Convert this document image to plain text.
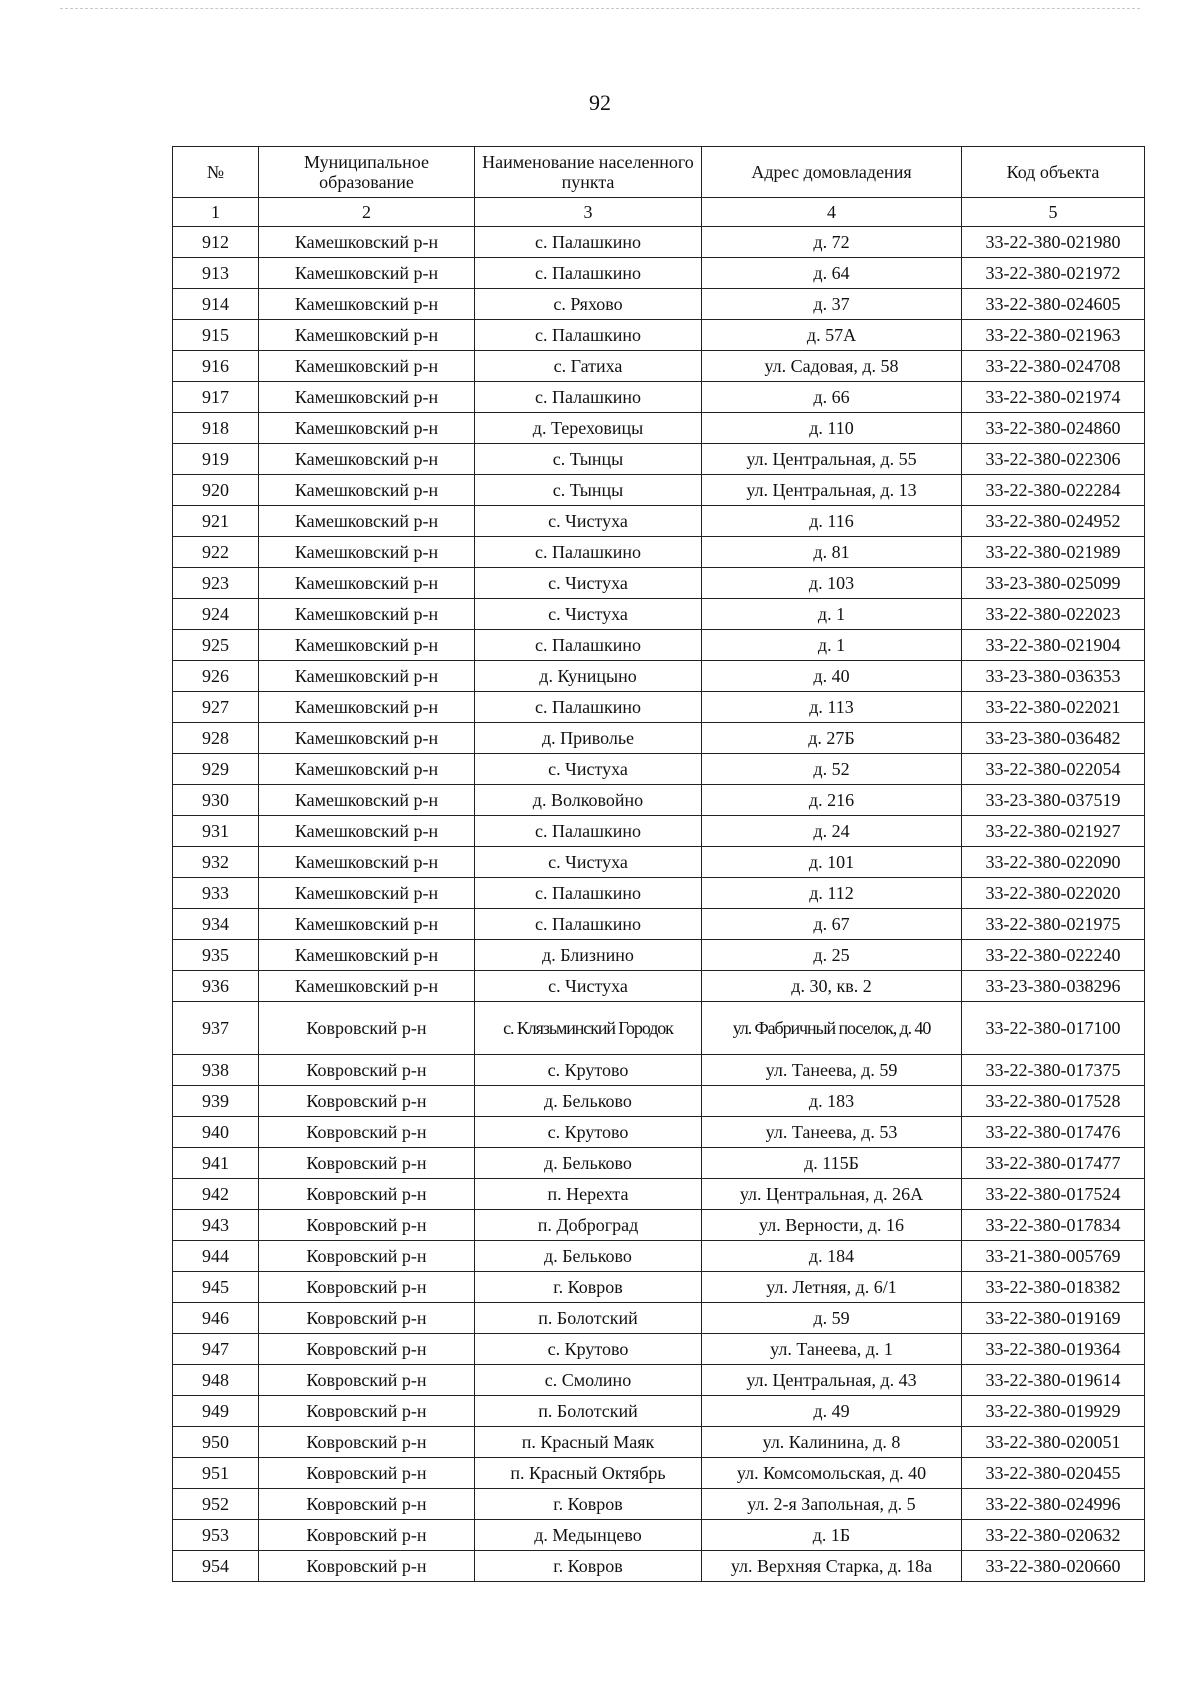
92
№	Муниципальное образование	Наименование населенного пункта	Адрес домовладения	Код объекта
1	2	3	4	5
912	Камешковский р-н	с. Палашкино	д. 72	33-22-380-021980
913	Камешковский р-н	с. Палашкино	д. 64	33-22-380-021972
914	Камешковский р-н	с. Ряхово	д. 37	33-22-380-024605
915	Камешковский р-н	с. Палашкино	д. 57А	33-22-380-021963
916	Камешковский р-н	с. Гатиха	ул. Садовая, д. 58	33-22-380-024708
917	Камешковский р-н	с. Палашкино	д. 66	33-22-380-021974
918	Камешковский р-н	д. Тереховицы	д. 110	33-22-380-024860
919	Камешковский р-н	с. Тынцы	ул. Центральная, д. 55	33-22-380-022306
920	Камешковский р-н	с. Тынцы	ул. Центральная, д. 13	33-22-380-022284
921	Камешковский р-н	с. Чистуха	д. 116	33-22-380-024952
922	Камешковский р-н	с. Палашкино	д. 81	33-22-380-021989
923	Камешковский р-н	с. Чистуха	д. 103	33-23-380-025099
924	Камешковский р-н	с. Чистуха	д. 1	33-22-380-022023
925	Камешковский р-н	с. Палашкино	д. 1	33-22-380-021904
926	Камешковский р-н	д. Куницыно	д. 40	33-23-380-036353
927	Камешковский р-н	с. Палашкино	д. 113	33-22-380-022021
928	Камешковский р-н	д. Приволье	д. 27Б	33-23-380-036482
929	Камешковский р-н	с. Чистуха	д. 52	33-22-380-022054
930	Камешковский р-н	д. Волковойно	д. 216	33-23-380-037519
931	Камешковский р-н	с. Палашкино	д. 24	33-22-380-021927
932	Камешковский р-н	с. Чистуха	д. 101	33-22-380-022090
933	Камешковский р-н	с. Палашкино	д. 112	33-22-380-022020
934	Камешковский р-н	с. Палашкино	д. 67	33-22-380-021975
935	Камешковский р-н	д. Близнино	д. 25	33-22-380-022240
936	Камешковский р-н	с. Чистуха	д. 30, кв. 2	33-23-380-038296
937	Ковровский р-н	с. Клязьминский Городок	ул. Фабричный поселок, д. 40	33-22-380-017100
938	Ковровский р-н	с. Крутово	ул. Танеева, д. 59	33-22-380-017375
939	Ковровский р-н	д. Бельково	д. 183	33-22-380-017528
940	Ковровский р-н	с. Крутово	ул. Танеева, д. 53	33-22-380-017476
941	Ковровский р-н	д. Бельково	д. 115Б	33-22-380-017477
942	Ковровский р-н	п. Нерехта	ул. Центральная, д. 26А	33-22-380-017524
943	Ковровский р-н	п. Доброград	ул. Верности, д. 16	33-22-380-017834
944	Ковровский р-н	д. Бельково	д. 184	33-21-380-005769
945	Ковровский р-н	г. Ковров	ул. Летняя, д. 6/1	33-22-380-018382
946	Ковровский р-н	п. Болотский	д. 59	33-22-380-019169
947	Ковровский р-н	с. Крутово	ул. Танеева, д. 1	33-22-380-019364
948	Ковровский р-н	с. Смолино	ул. Центральная, д. 43	33-22-380-019614
949	Ковровский р-н	п. Болотский	д. 49	33-22-380-019929
950	Ковровский р-н	п. Красный Маяк	ул. Калинина, д. 8	33-22-380-020051
951	Ковровский р-н	п. Красный Октябрь	ул. Комсомольская, д. 40	33-22-380-020455
952	Ковровский р-н	г. Ковров	ул. 2-я Запольная, д. 5	33-22-380-024996
953	Ковровский р-н	д. Медынцево	д. 1Б	33-22-380-020632
954	Ковровский р-н	г. Ковров	ул. Верхняя Старка, д. 18а	33-22-380-020660
